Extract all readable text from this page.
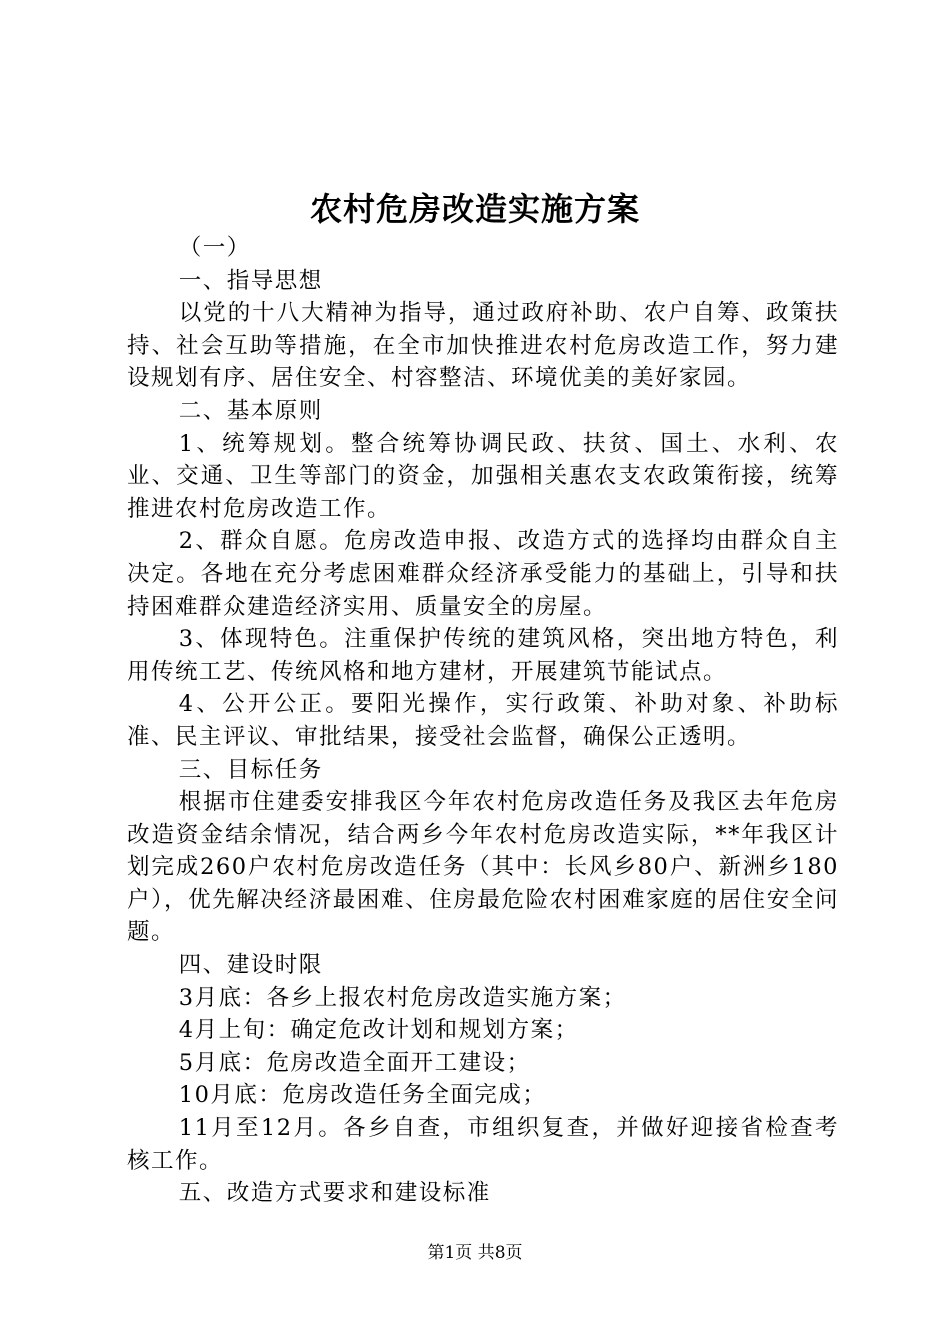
农村危房改造实施方案

（一）

一、指导思想

以党的十八大精神为指导，通过政府补助、农户自筹、政策扶持、社会互助等措施，在全市加快推进农村危房改造工作，努力建设规划有序、居住安全、村容整洁、环境优美的美好家园。

二、基本原则

1、统筹规划。整合统筹协调民政、扶贫、国土、水利、农业、交通、卫生等部门的资金，加强相关惠农支农政策衔接，统筹推进农村危房改造工作。

2、群众自愿。危房改造申报、改造方式的选择均由群众自主决定。各地在充分考虑困难群众经济承受能力的基础上，引导和扶持困难群众建造经济实用、质量安全的房屋。

3、体现特色。注重保护传统的建筑风格，突出地方特色，利用传统工艺、传统风格和地方建材，开展建筑节能试点。

4、公开公正。要阳光操作，实行政策、补助对象、补助标准、民主评议、审批结果，接受社会监督，确保公正透明。

三、目标任务

根据市住建委安排我区今年农村危房改造任务及我区去年危房改造资金结余情况，结合两乡今年农村危房改造实际，**年我区计划完成260户农村危房改造任务（其中：长风乡80户、新洲乡180户），优先解决经济最困难、住房最危险农村困难家庭的居住安全问题。

四、建设时限

3月底：各乡上报农村危房改造实施方案；

4月上旬：确定危改计划和规划方案；

5月底：危房改造全面开工建设；

10月底：危房改造任务全面完成；

11月至12月。各乡自查，市组织复查，并做好迎接省检查考核工作。

五、改造方式要求和建设标准

第1页 共8页
